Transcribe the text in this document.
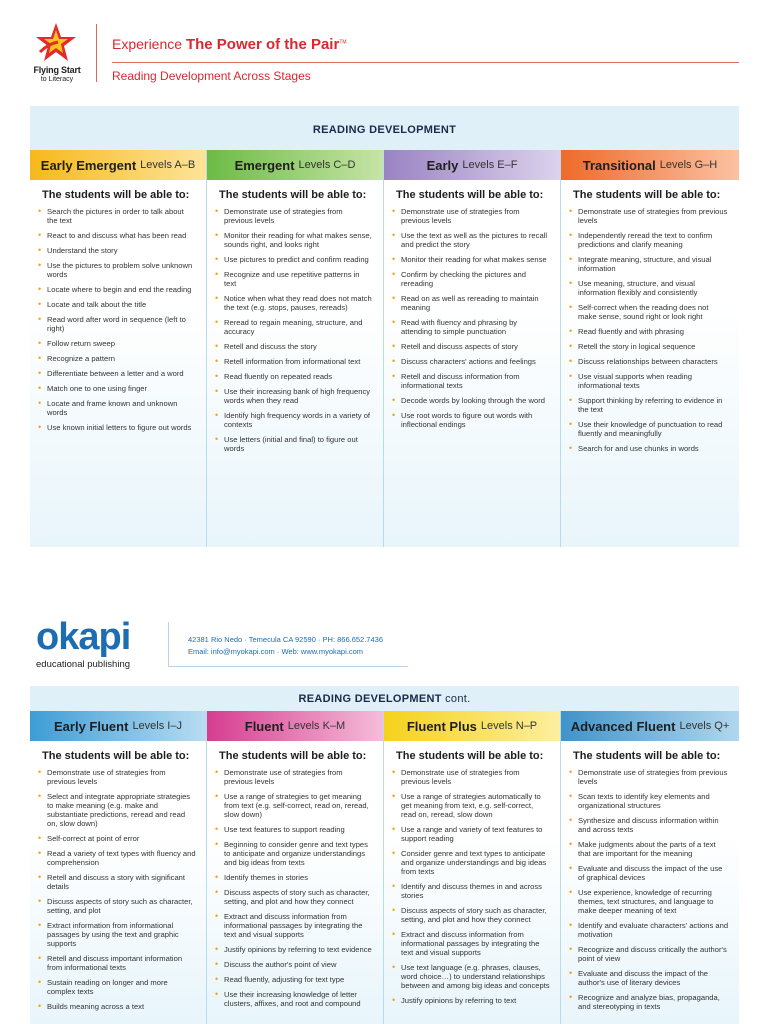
Flying Start
to Literacy
Experience The Power of the Pair™
Reading Development Across Stages
READING DEVELOPMENT
Early Emergent Levels A–B
The students will be able to:
• Search the pictures in order to talk about the text
• React to and discuss what has been read
• Understand the story
• Use the pictures to problem solve unknown words
• Locate where to begin and end the reading
• Locate and talk about the title
• Read word after word in sequence (left to right)
• Follow return sweep
• Recognize a pattern
• Differentiate between a letter and a word
• Match one to one using finger
• Locate and frame known and unknown words
• Use known initial letters to figure out words
Emergent Levels C–D
The students will be able to:
• Demonstrate use of strategies from previous levels
• Monitor their reading for what makes sense, sounds right, and looks right
• Use pictures to predict and confirm reading
• Recognize and use repetitive patterns in text
• Notice when what they read does not match the text (e.g. stops, pauses, rereads)
• Reread to regain meaning, structure, and accuracy
• Retell and discuss the story
• Retell information from informational text
• Read fluently on repeated reads
• Use their increasing bank of high frequency words when they read
• Identify high frequency words in a variety of contexts
• Use letters (initial and final) to figure out words
Early Levels E–F
The students will be able to:
• Demonstrate use of strategies from previous levels
• Use the text as well as the pictures to recall and predict the story
• Monitor their reading for what makes sense
• Confirm by checking the pictures and rereading
• Read on as well as rereading to maintain meaning
• Read with fluency and phrasing by attending to simple punctuation
• Retell and discuss aspects of story
• Discuss characters' actions and feelings
• Retell and discuss information from informational texts
• Decode words by looking through the word
• Use root words to figure out words with inflectional endings
Transitional Levels G–H
The students will be able to:
• Demonstrate use of strategies from previous levels
• Independently reread the text to confirm predictions and clarify meaning
• Integrate meaning, structure, and visual information
• Use meaning, structure, and visual information flexibly and consistently
• Self-correct when the reading does not make sense, sound right or look right
• Read fluently and with phrasing
• Retell the story in logical sequence
• Discuss relationships between characters
• Use visual supports when reading informational texts
• Support thinking by referring to evidence in the text
• Use their knowledge of punctuation to read fluently and meaningfully
• Search for and use chunks in words
okapi
educational publishing
42381 Rio Nedo · Temecula CA 92590 · PH: 866.652.7436
Email: info@myokapi.com · Web: www.myokapi.com
READING DEVELOPMENT cont.
Early Fluent Levels I–J
The students will be able to:
• Demonstrate use of strategies from previous levels
• Select and integrate appropriate strategies to make meaning (e.g. make and substantiate predictions, reread and read on, slow down)
• Self-correct at point of error
• Read a variety of text types with fluency and comprehension
• Retell and discuss a story with significant details
• Discuss aspects of story such as character, setting, and plot
• Extract information from informational passages by using the text and graphic supports
• Retell and discuss important information from informational texts
• Sustain reading on longer and more complex texts
• Builds meaning across a text
Fluent Levels K–M
The students will be able to:
• Demonstrate use of strategies from previous levels
• Use a range of strategies to get meaning from text (e.g. self-correct, read on, reread, slow down)
• Use text features to support reading
• Beginning to consider genre and text types to anticipate and organize understandings and big ideas from texts
• Identify themes in stories
• Discuss aspects of story such as character, setting, and plot and how they connect
• Extract and discuss information from informational passages by integrating the text and visual supports
• Justify opinions by referring to text evidence
• Discuss the author's point of view
• Read fluently, adjusting for text type
• Use their increasing knowledge of letter clusters, affixes, and root and compound
Fluent Plus Levels N–P
The students will be able to:
• Demonstrate use of strategies from previous levels
• Use a range of strategies automatically to get meaning from text, e.g. self-correct, read on, reread, slow down
• Use a range and variety of text features to support reading
• Consider genre and text types to anticipate and organize understandings and big ideas from texts
• Identify and discuss themes in and across stories
• Discuss aspects of story such as character, setting, and plot and how they connect
• Extract and discuss information from informational passages by integrating the text and visual supports
• Use text language (e.g. phrases, clauses, word choice…) to understand relationships between and among big ideas and concepts
• Justify opinions by referring to text
Advanced Fluent Levels Q+
The students will be able to:
• Demonstrate use of strategies from previous levels
• Scan texts to identify key elements and organizational structures
• Synthesize and discuss information within and across texts
• Make judgments about the parts of a text that are important for the meaning
• Evaluate and discuss the impact of the use of graphical devices
• Use experience, knowledge of recurring themes, text structures, and language to make deeper meaning of text
• Identify and evaluate characters' actions and motivation
• Recognize and discuss critically the author's point of view
• Evaluate and discuss the impact of the author's use of literary devices
• Recognize and analyze bias, propaganda, and stereotyping in texts
